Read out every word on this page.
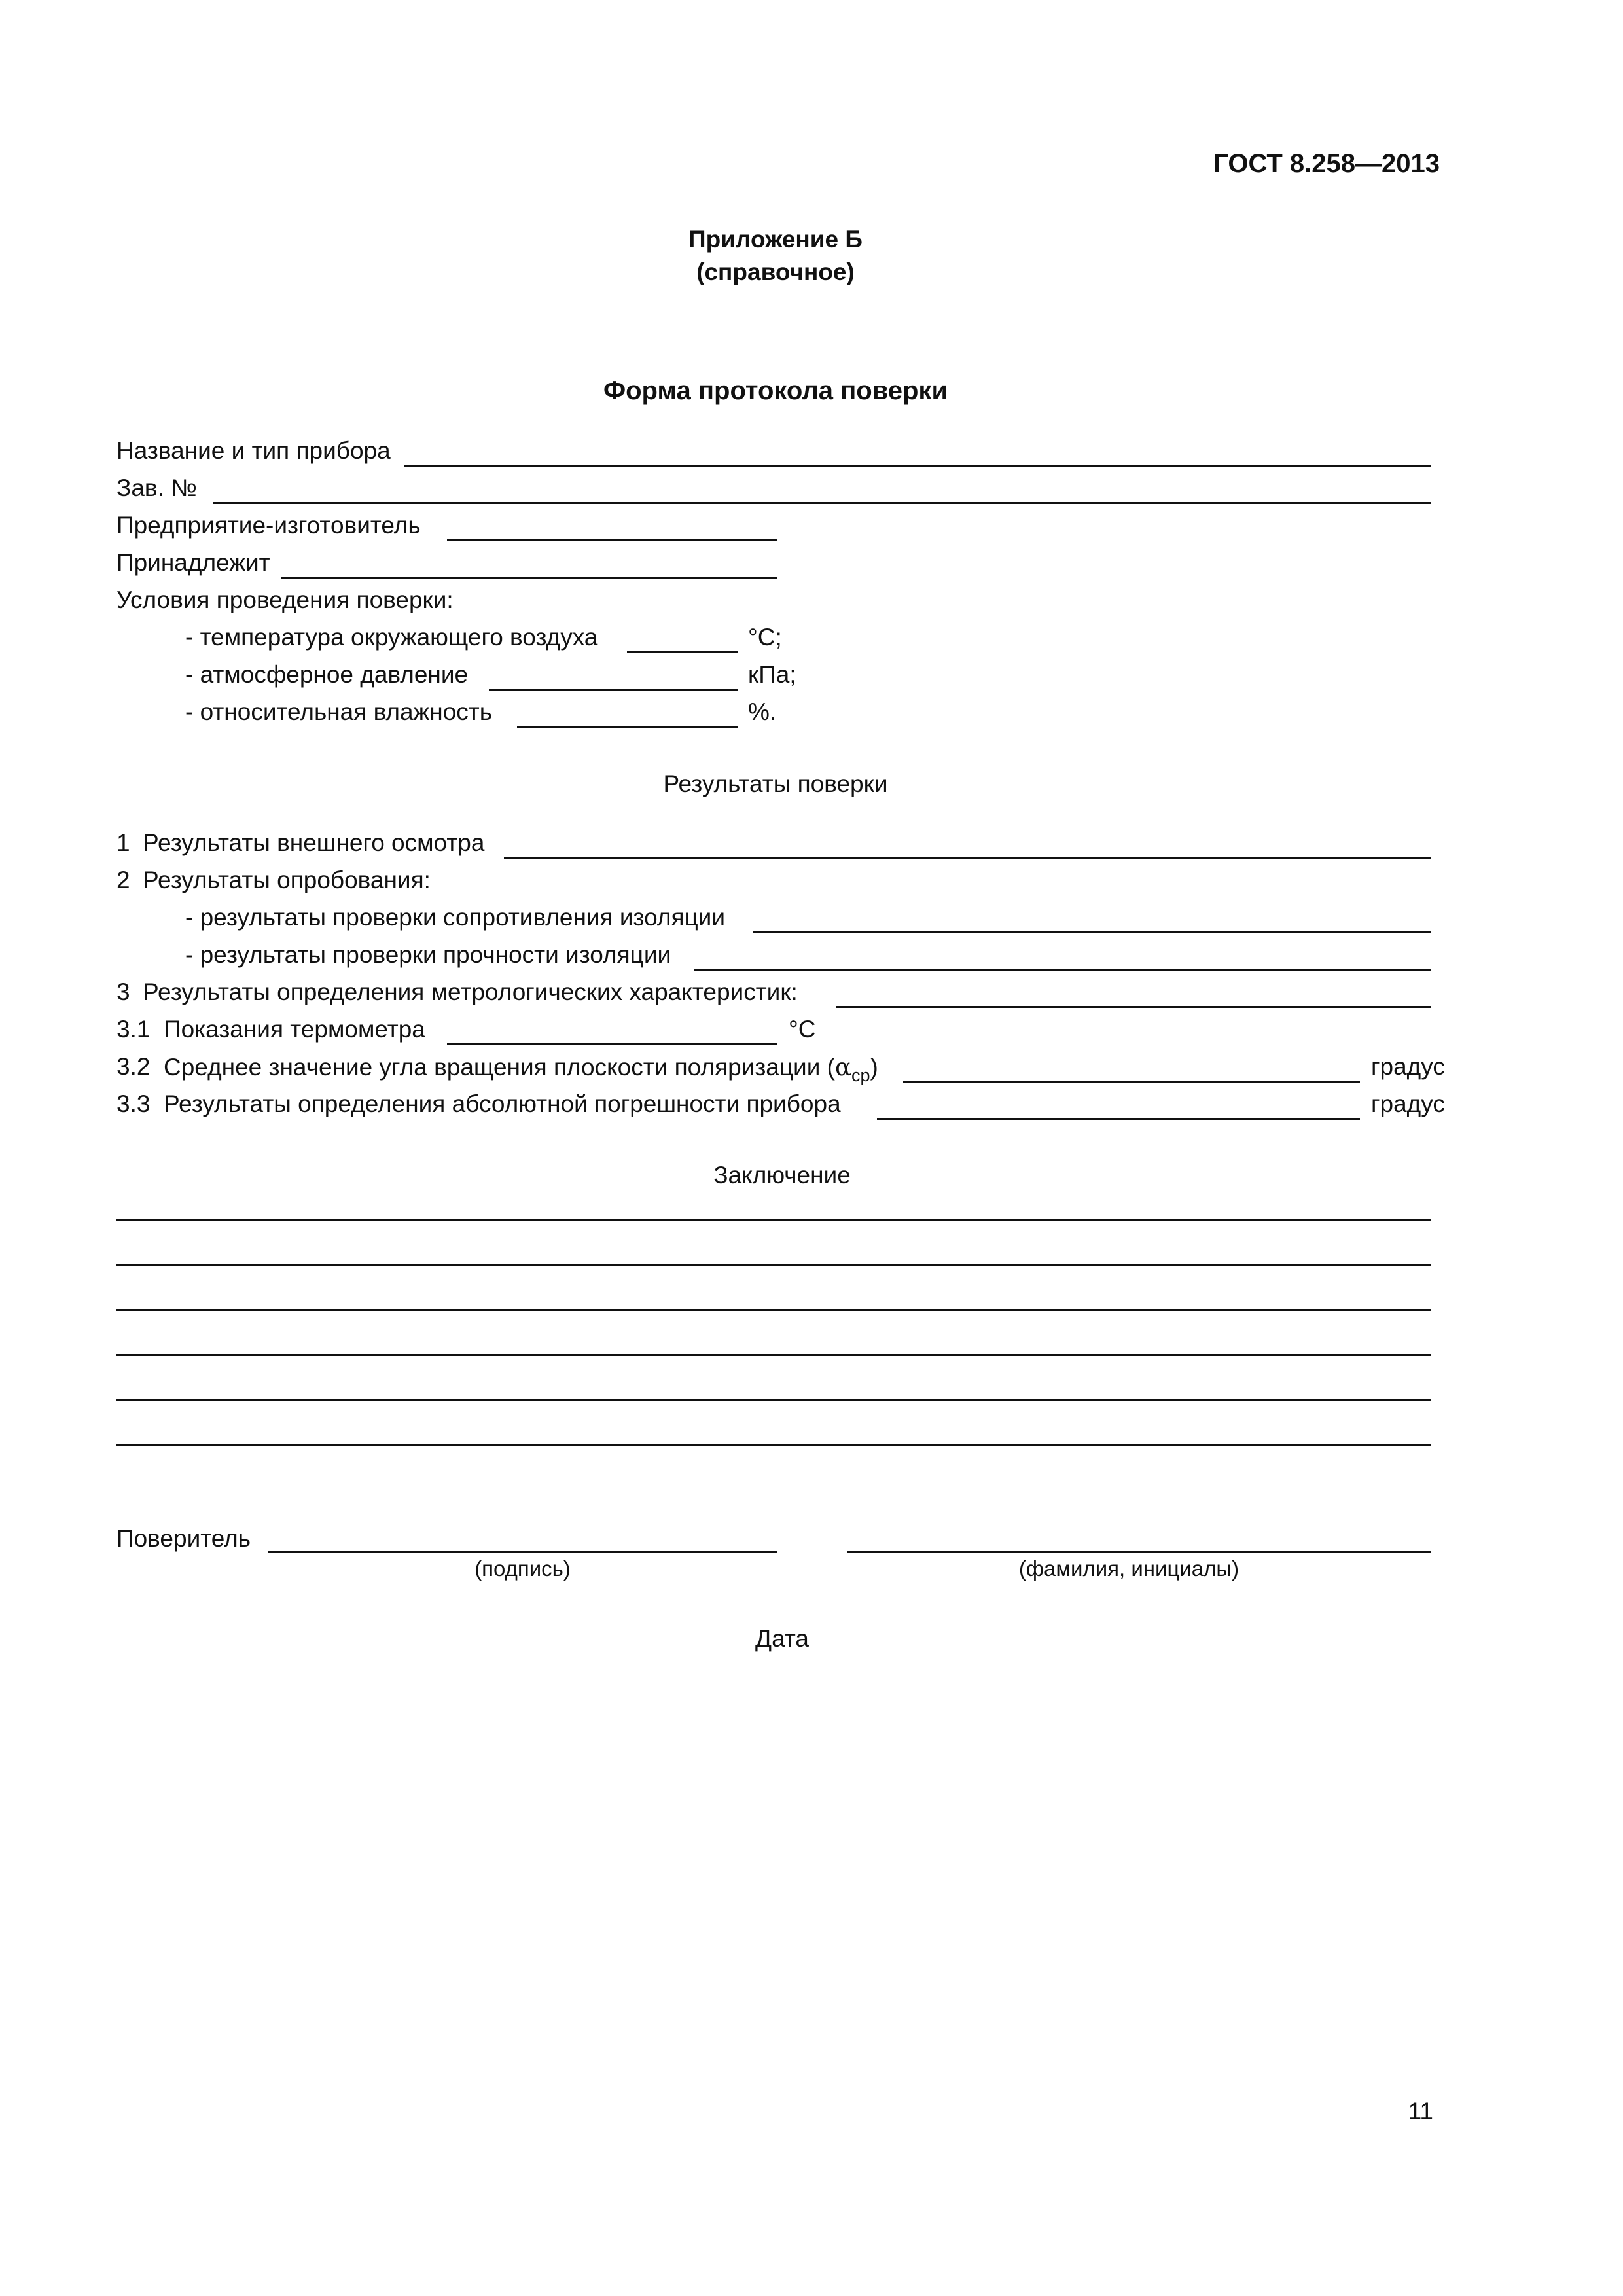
ГОСТ 8.258—2013
Приложение Б
(справочное)
Форма протокола поверки
Название и тип прибора
Зав. №
Предприятие-изготовитель
Принадлежит
Условия проведения поверки:
- температура окружающего воздуха	°С;
- атмосферное давление	кПа;
- относительная влажность	%.
Результаты поверки
1 Результаты внешнего осмотра
2 Результаты опробования:
- результаты проверки сопротивления изоляции
- результаты проверки прочности изоляции
3 Результаты определения метрологических характеристик:
3.1 Показания термометра	°С
3.2 Среднее значение угла вращения плоскости поляризации $(\alpha_{ср})$	градус
3.3 Результаты определения абсолютной погрешности прибора	градус
Заключение
Поверитель
(подпись)	(фамилия, инициалы)
Дата
11
